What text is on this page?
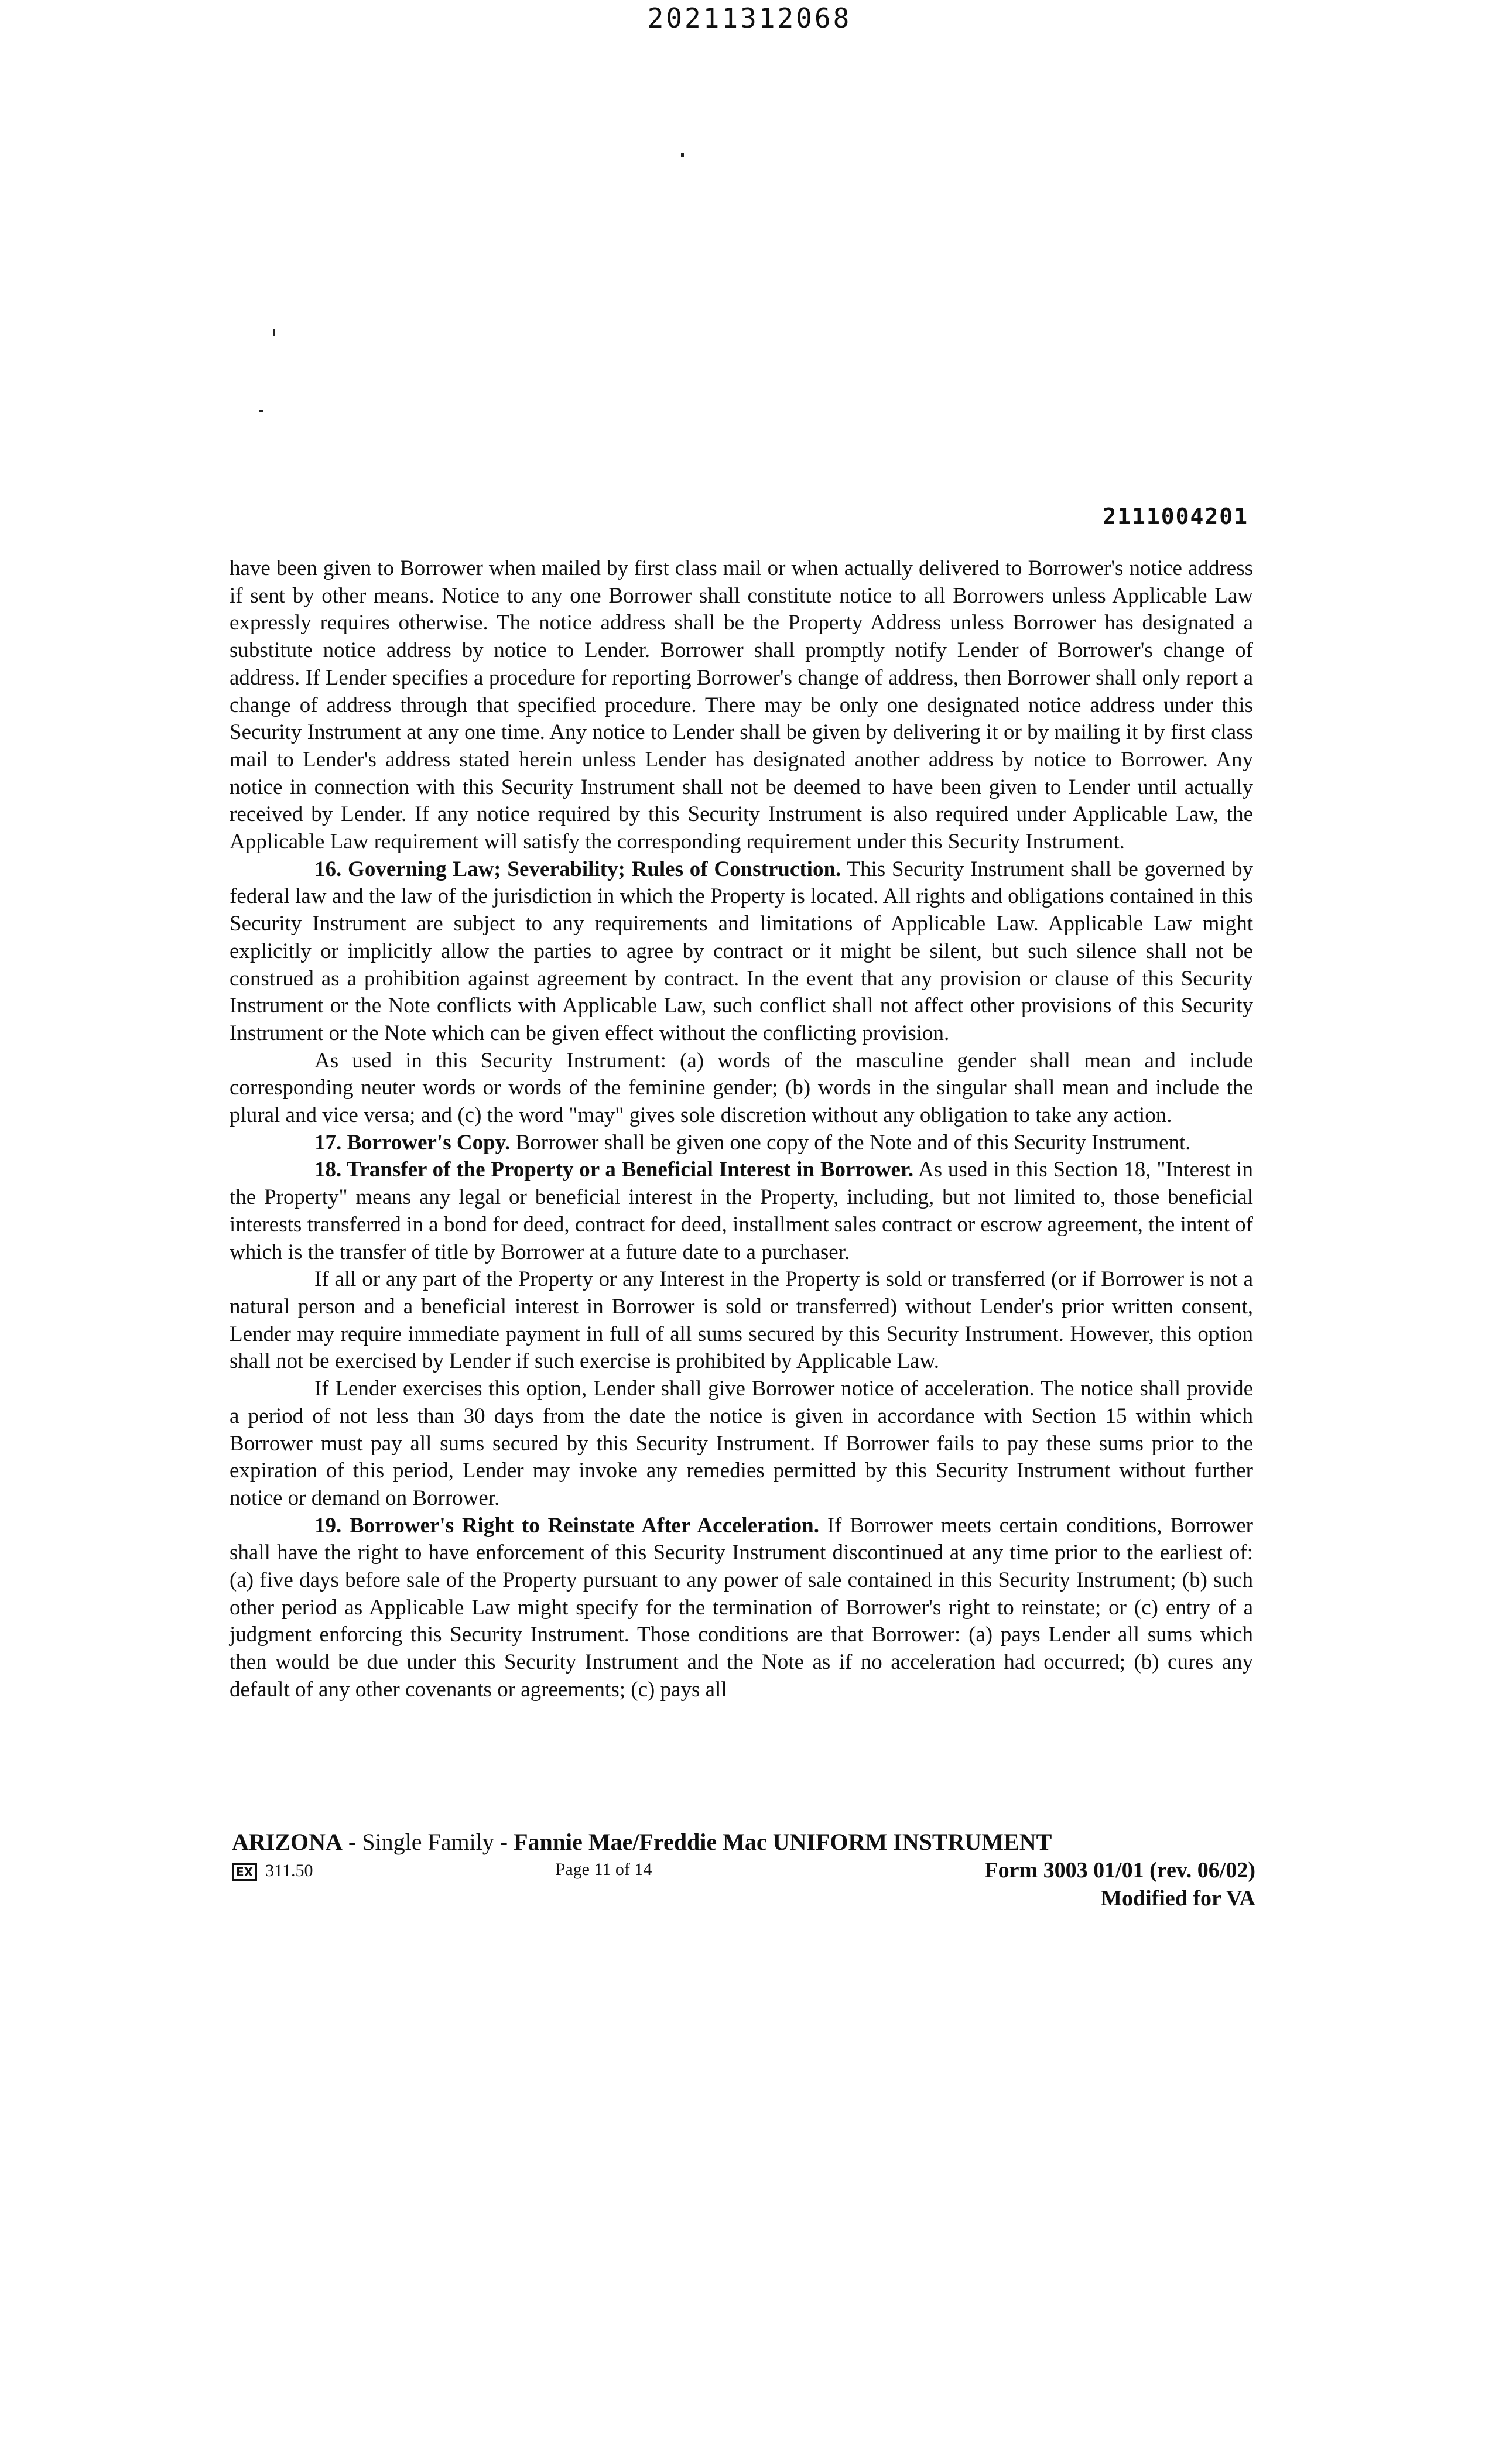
20211312068
2111004201

have been given to Borrower when mailed by first class mail or when actually delivered to Borrower's notice address if sent by other means. Notice to any one Borrower shall constitute notice to all Borrowers unless Applicable Law expressly requires otherwise. The notice address shall be the Property Address unless Borrower has designated a substitute notice address by notice to Lender. Borrower shall promptly notify Lender of Borrower's change of address. If Lender specifies a procedure for reporting Borrower's change of address, then Borrower shall only report a change of address through that specified procedure. There may be only one designated notice address under this Security Instrument at any one time. Any notice to Lender shall be given by delivering it or by mailing it by first class mail to Lender's address stated herein unless Lender has designated another address by notice to Borrower. Any notice in connection with this Security Instrument shall not be deemed to have been given to Lender until actually received by Lender. If any notice required by this Security Instrument is also required under Applicable Law, the Applicable Law requirement will satisfy the corresponding requirement under this Security Instrument.

16. Governing Law; Severability; Rules of Construction. This Security Instrument shall be governed by federal law and the law of the jurisdiction in which the Property is located. All rights and obligations contained in this Security Instrument are subject to any requirements and limitations of Applicable Law. Applicable Law might explicitly or implicitly allow the parties to agree by contract or it might be silent, but such silence shall not be construed as a prohibition against agreement by contract. In the event that any provision or clause of this Security Instrument or the Note conflicts with Applicable Law, such conflict shall not affect other provisions of this Security Instrument or the Note which can be given effect without the conflicting provision.

As used in this Security Instrument: (a) words of the masculine gender shall mean and include corresponding neuter words or words of the feminine gender; (b) words in the singular shall mean and include the plural and vice versa; and (c) the word "may" gives sole discretion without any obligation to take any action.

17. Borrower's Copy. Borrower shall be given one copy of the Note and of this Security Instrument.

18. Transfer of the Property or a Beneficial Interest in Borrower. As used in this Section 18, "Interest in the Property" means any legal or beneficial interest in the Property, including, but not limited to, those beneficial interests transferred in a bond for deed, contract for deed, installment sales contract or escrow agreement, the intent of which is the transfer of title by Borrower at a future date to a purchaser.

If all or any part of the Property or any Interest in the Property is sold or transferred (or if Borrower is not a natural person and a beneficial interest in Borrower is sold or transferred) without Lender's prior written consent, Lender may require immediate payment in full of all sums secured by this Security Instrument. However, this option shall not be exercised by Lender if such exercise is prohibited by Applicable Law.

If Lender exercises this option, Lender shall give Borrower notice of acceleration. The notice shall provide a period of not less than 30 days from the date the notice is given in accordance with Section 15 within which Borrower must pay all sums secured by this Security Instrument. If Borrower fails to pay these sums prior to the expiration of this period, Lender may invoke any remedies permitted by this Security Instrument without further notice or demand on Borrower.

19. Borrower's Right to Reinstate After Acceleration. If Borrower meets certain conditions, Borrower shall have the right to have enforcement of this Security Instrument discontinued at any time prior to the earliest of: (a) five days before sale of the Property pursuant to any power of sale contained in this Security Instrument; (b) such other period as Applicable Law might specify for the termination of Borrower's right to reinstate; or (c) entry of a judgment enforcing this Security Instrument. Those conditions are that Borrower: (a) pays Lender all sums which then would be due under this Security Instrument and the Note as if no acceleration had occurred; (b) cures any default of any other covenants or agreements; (c) pays all

ARIZONA - Single Family - Fannie Mae/Freddie Mac UNIFORM INSTRUMENT
EX 311.50	Page 11 of 14	Form 3003 01/01 (rev. 06/02)
Modified for VA
